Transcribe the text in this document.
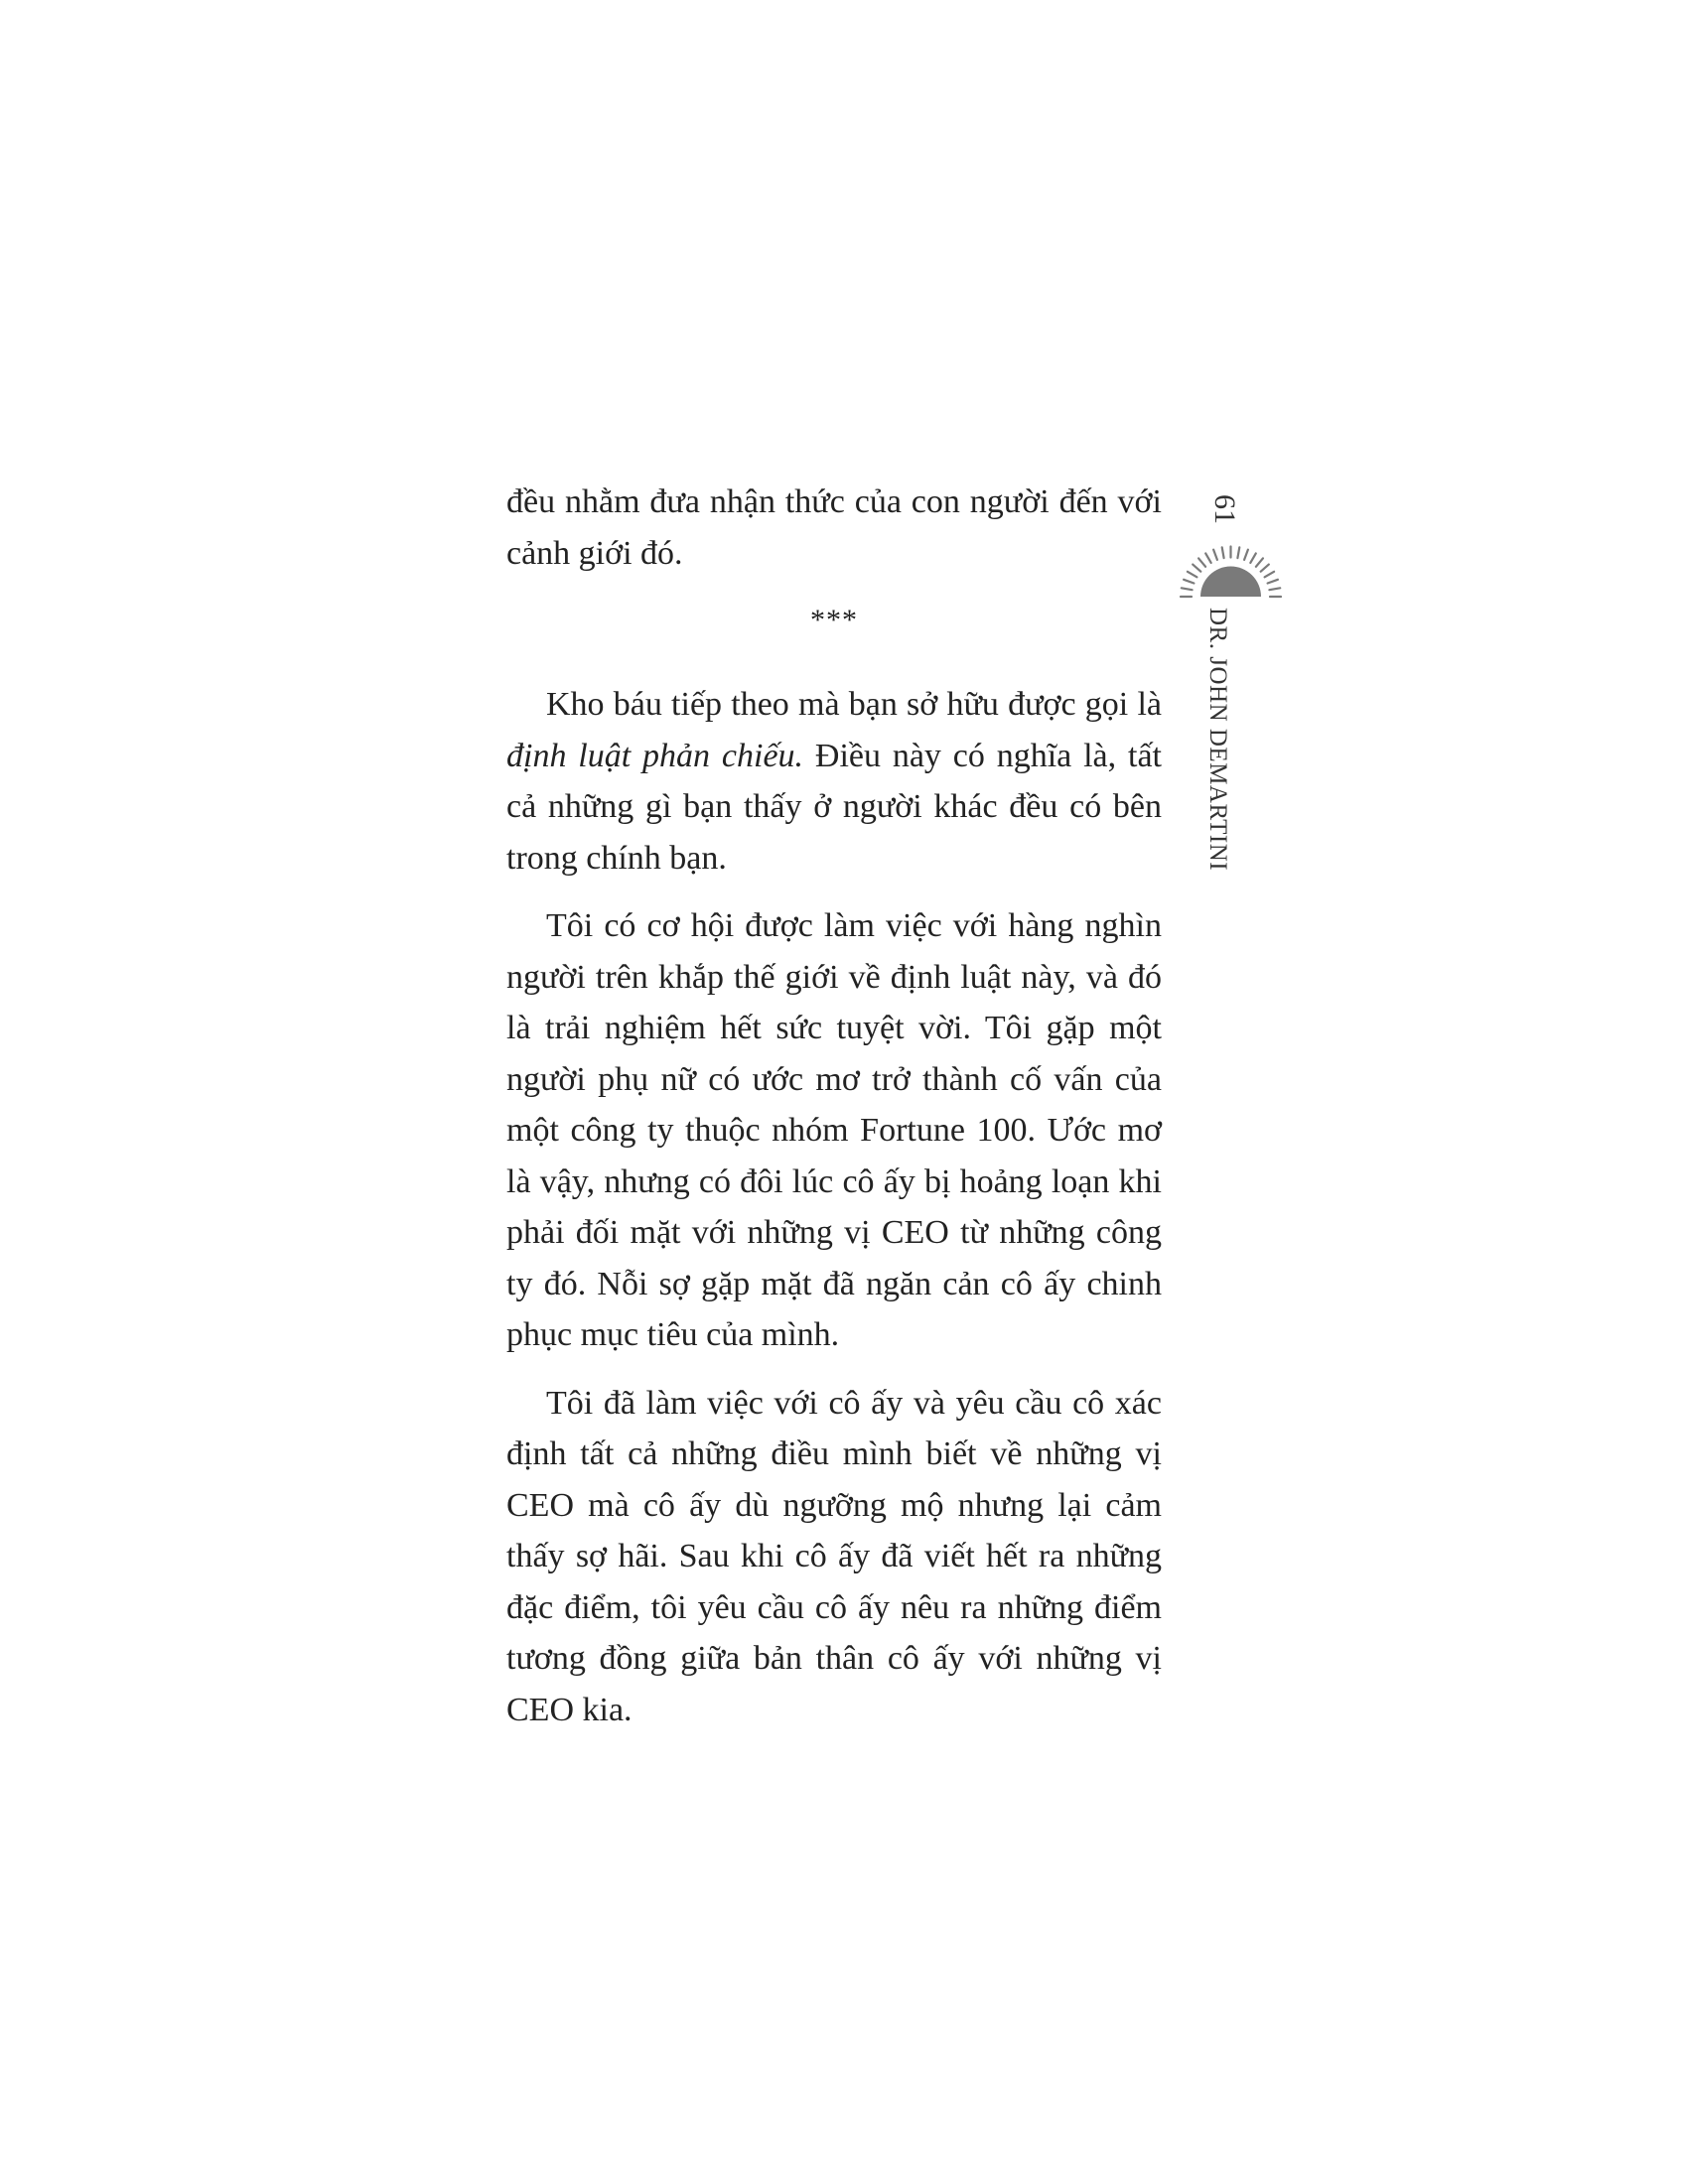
đều nhằm đưa nhận thức của con người đến với cảnh giới đó.

***

Kho báu tiếp theo mà bạn sở hữu được gọi là định luật phản chiếu. Điều này có nghĩa là, tất cả những gì bạn thấy ở người khác đều có bên trong chính bạn.

Tôi có cơ hội được làm việc với hàng nghìn người trên khắp thế giới về định luật này, và đó là trải nghiệm hết sức tuyệt vời. Tôi gặp một người phụ nữ có ước mơ trở thành cố vấn của một công ty thuộc nhóm Fortune 100. Ước mơ là vậy, nhưng có đôi lúc cô ấy bị hoảng loạn khi phải đối mặt với những vị CEO từ những công ty đó. Nỗi sợ gặp mặt đã ngăn cản cô ấy chinh phục mục tiêu của mình.

Tôi đã làm việc với cô ấy và yêu cầu cô xác định tất cả những điều mình biết về những vị CEO mà cô ấy dù ngưỡng mộ nhưng lại cảm thấy sợ hãi. Sau khi cô ấy đã viết hết ra những đặc điểm, tôi yêu cầu cô ấy nêu ra những điểm tương đồng giữa bản thân cô ấy với những vị CEO kia.

61
DR. JOHN DEMARTINI
